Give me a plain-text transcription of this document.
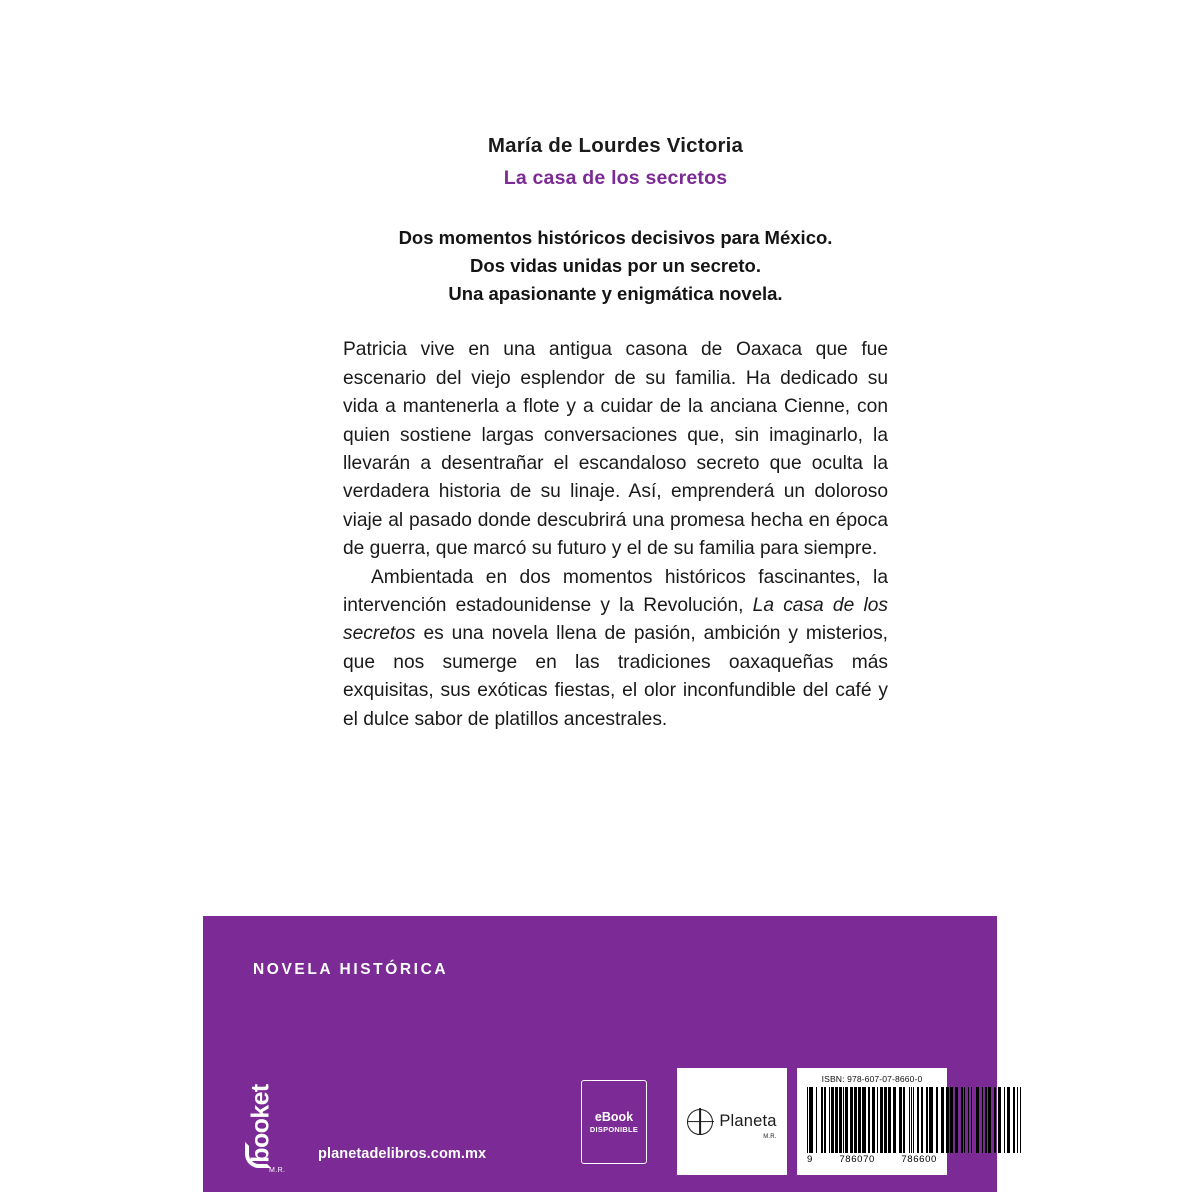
María de Lourdes Victoria
La casa de los secretos
Dos momentos históricos decisivos para México.
Dos vidas unidas por un secreto.
Una apasionante y enigmática novela.

Patricia vive en una antigua casona de Oaxaca que fue escenario del viejo esplendor de su familia. Ha dedicado su vida a mantenerla a flote y a cuidar de la anciana Cienne, con quien sostiene largas conversaciones que, sin imaginarlo, la llevarán a desentrañar el escandaloso secreto que oculta la verdadera historia de su linaje. Así, emprenderá un doloroso viaje al pasado donde descubrirá una promesa hecha en época de guerra, que marcó su futuro y el de su familia para siempre.

Ambientada en dos momentos históricos fascinantes, la intervención estadounidense y la Revolución, La casa de los secretos es una novela llena de pasión, ambición y misterios, que nos sumerge en las tradiciones oaxaqueñas más exquisitas, sus exóticas fiestas, el olor inconfundible del café y el dulce sabor de platillos ancestrales.

NOVELA HISTÓRICA
booket
M.R.
planetadelibros.com.mx
eBook
DISPONIBLE	Planeta
M.R.
ISBN: 978-607-07-8660-0
9	786070	786600
